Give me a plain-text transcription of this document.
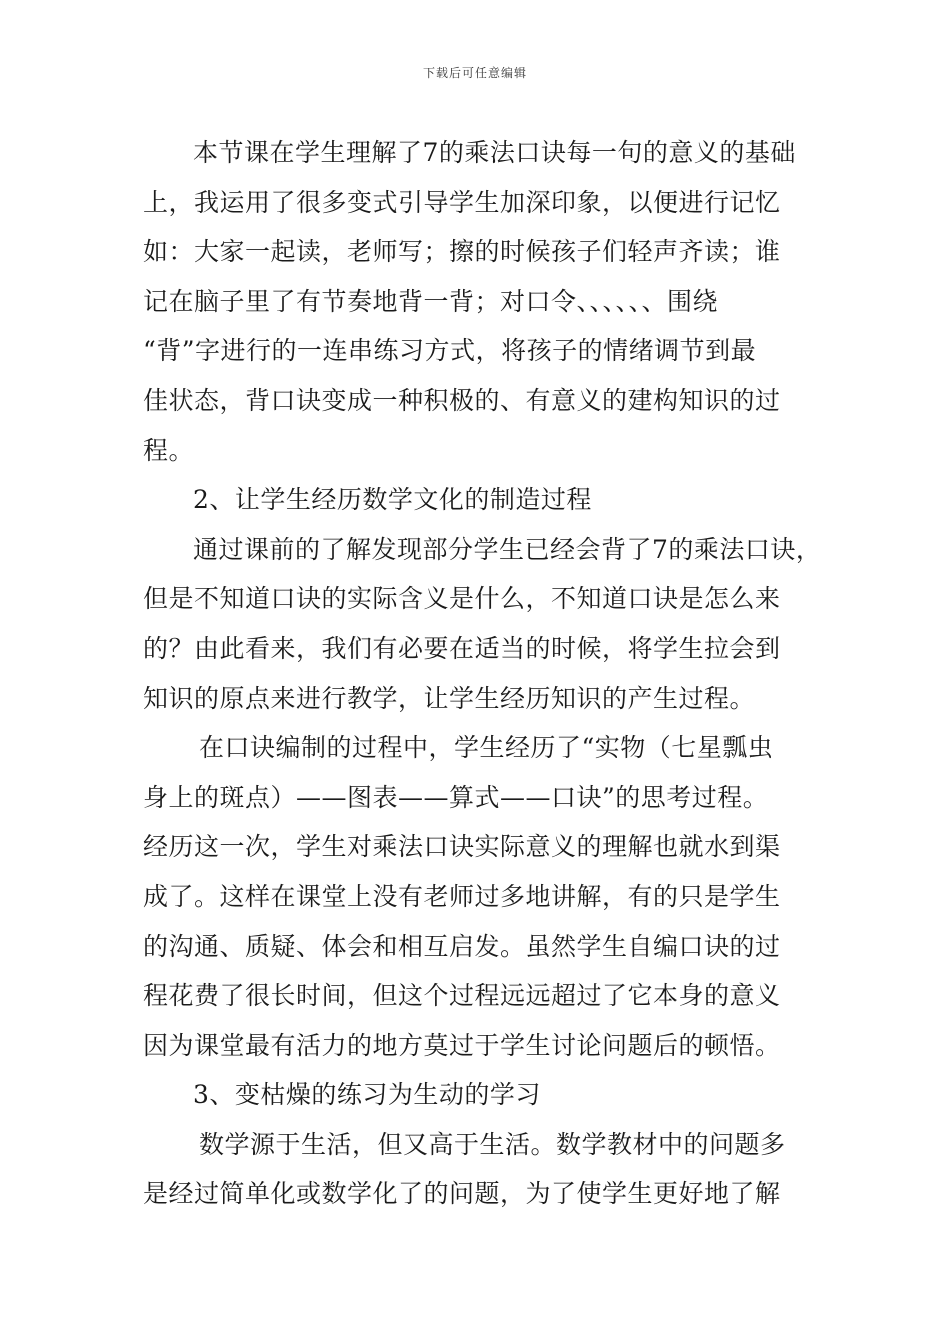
下载后可任意编辑
本节课在学生理解了7的乘法口诀每一句的意义的基础
上，我运用了很多变式引导学生加深印象，以便进行记忆
如：大家一起读，老师写；擦的时候孩子们轻声齐读；谁
记在脑子里了有节奏地背一背；对口令、、、、、、围绕
“背”字进行的一连串练习方式，将孩子的情绪调节到最
佳状态，背口诀变成一种积极的、有意义的建构知识的过
程。
2、让学生经历数学文化的制造过程
通过课前的了解发现部分学生已经会背了7的乘法口诀，
但是不知道口诀的实际含义是什么，不知道口诀是怎么来
的？由此看来，我们有必要在适当的时候，将学生拉会到
知识的原点来进行教学，让学生经历知识的产生过程。
在口诀编制的过程中，学生经历了“实物（七星瓢虫
身上的斑点）——图表——算式——口诀”的思考过程。
经历这一次，学生对乘法口诀实际意义的理解也就水到渠
成了。这样在课堂上没有老师过多地讲解，有的只是学生
的沟通、质疑、体会和相互启发。虽然学生自编口诀的过
程花费了很长时间，但这个过程远远超过了它本身的意义
因为课堂最有活力的地方莫过于学生讨论问题后的顿悟。
3、变枯燥的练习为生动的学习
数学源于生活，但又高于生活。数学教材中的问题多
是经过简单化或数学化了的问题，为了使学生更好地了解
